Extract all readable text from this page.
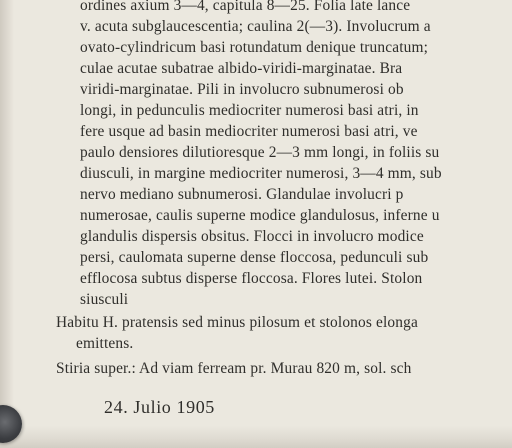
ordines axium 3—4, capitula 8—25. Folia late lance
v. acuta subglaucescentia; caulina 2(—3). Involucrum a
ovato-cylindricum basi rotundatum denique truncatum;
culae acutae subatrae albido-viridi-marginatae. Bra
viridi-marginatae. Pili in involucro subnumerosi ob
longi, in pedunculis mediocriter numerosi basi atri, in
fere usque ad basin mediocriter numerosi basi atri, ve
paulo densiores dilutioresque 2—3 mm longi, in foliis su
diusculi, in margine mediocriter numerosi, 3—4 mm, sub
nervo mediano subnumerosi. Glandulae involucri p
numerosae, caulis superne modice glandulosus, inferne u
glandulis dispersis obsitus. Flocci in involucro modice
persi, caulomata superne dense floccosa, pedunculi sub
efflocosa subtus disperse floccosa. Flores lutei. Stolon
siusculi
Habitu H. pratensis sed minus pilosum et stolonos elonga
emittens.
Stiria super.: Ad viam ferream pr. Murau 820 m, sol. sch
24. Julio 1905
